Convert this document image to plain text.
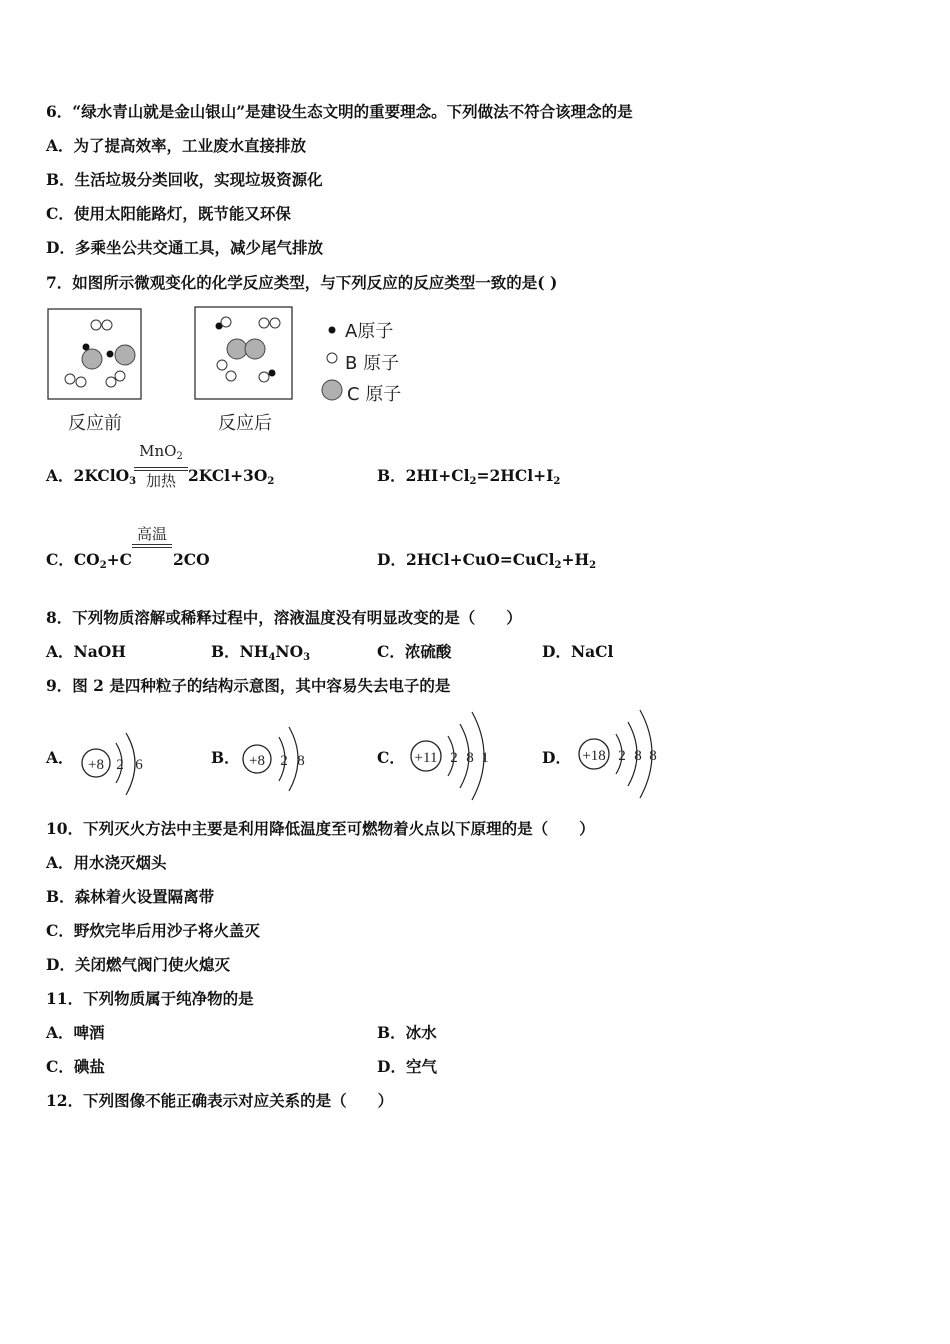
6．“绿水青山就是金山银山”是建设生态文明的重要理念。下列做法不符合该理念的是
A．为了提高效率，工业废水直接排放
B．生活垃圾分类回收，实现垃圾资源化
C．使用太阳能路灯，既节能又环保
D．多乘坐公共交通工具，减少尾气排放
7．如图所示微观变化的化学反应类型，与下列反应的反应类型一致的是( )
A原子
B 原子
C 原子
反应前	反应后
A．2KClO$_3$
MnO$_2$
加热 $2KCl+3O_2$	B．$2HI+Cl_2=2HCl+I_2$
C．$CO_2+C$
高温
2CO	D．$2HCl+CuO=CuCl_2+H_2$
8．下列物质溶解或稀释过程中，溶液温度没有明显改变的是（　　）
A．NaOH	B．$NH_4NO_3$	C．浓硫酸	D．NaCl
9．图 2 是四种粒子的结构示意图，其中容易失去电子的是
A． +8 2 6	B． +8 2 8	C． +11 2 8 1	D． +18 2 8 8
10．下列灭火方法中主要是利用降低温度至可燃物着火点以下原理的是（　　）
A．用水浇灭烟头
B．森林着火设置隔离带
C．野炊完毕后用沙子将火盖灭
D．关闭燃气阀门使火熄灭
11．下列物质属于纯净物的是
A．啤酒	B．冰水
C．碘盐	D．空气
12．下列图像不能正确表示对应关系的是（　　）
